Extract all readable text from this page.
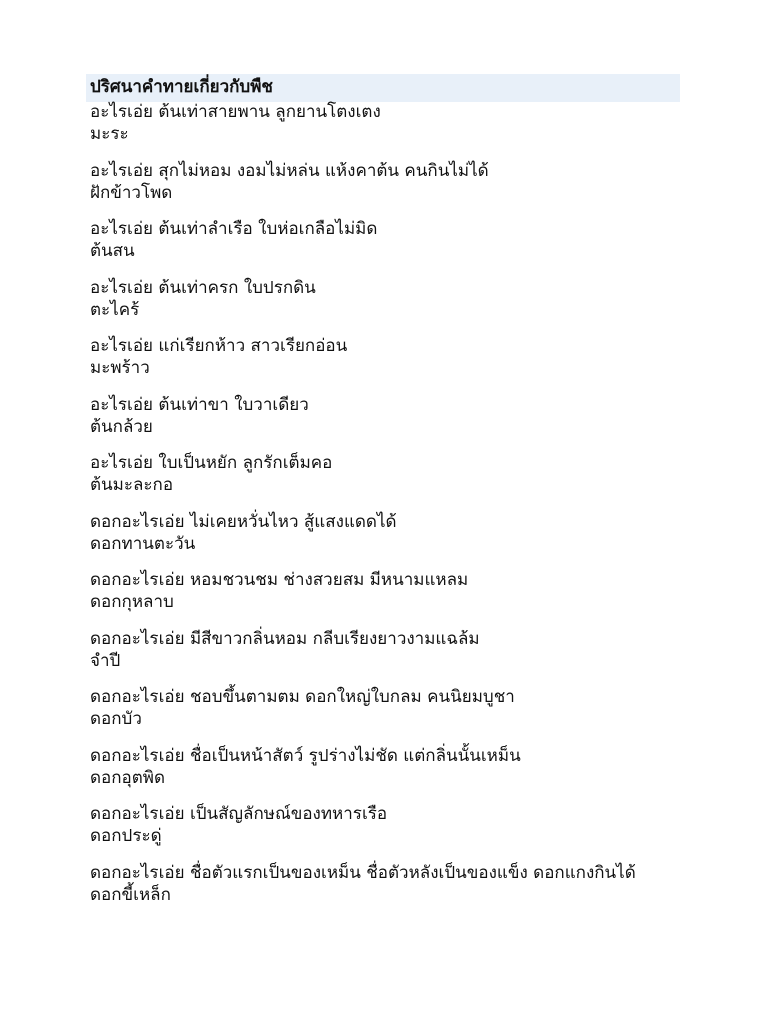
ปริศนาคำทายเกี่ยวกับพืช
อะไรเอ่ย ต้นเท่าสายพาน ลูกยานโตงเตง
มะระ
อะไรเอ่ย สุกไม่หอม งอมไม่หล่น แห้งคาต้น คนกินไม่ได้
ฝักข้าวโพด
อะไรเอ่ย ต้นเท่าลำเรือ ใบห่อเกลือไม่มิด
ต้นสน
อะไรเอ่ย ต้นเท่าครก ใบปรกดิน
ตะไคร้
อะไรเอ่ย แก่เรียกห้าว สาวเรียกอ่อน
มะพร้าว
อะไรเอ่ย ต้นเท่าขา ใบวาเดียว
ต้นกล้วย
อะไรเอ่ย ใบเป็นหยัก ลูกรักเต็มคอ
ต้นมะละกอ
ดอกอะไรเอ่ย ไม่เคยหวั่นไหว สู้แสงแดดได้
ดอกทานตะวัน
ดอกอะไรเอ่ย หอมชวนชม ช่างสวยสม มีหนามแหลม
ดอกกุหลาบ
ดอกอะไรเอ่ย มีสีขาวกลิ่นหอม กลีบเรียงยาวงามแฉล้ม
จำปี
ดอกอะไรเอ่ย ชอบขึ้นตามตม ดอกใหญ่ใบกลม คนนิยมบูชา
ดอกบัว
ดอกอะไรเอ่ย ชื่อเป็นหน้าสัตว์ รูปร่างไม่ชัด แต่กลิ่นนั้นเหม็น
ดอกอุตพิด
ดอกอะไรเอ่ย เป็นสัญลักษณ์ของทหารเรือ
ดอกประดู่
ดอกอะไรเอ่ย ชื่อตัวแรกเป็นของเหม็น ชื่อตัวหลังเป็นของแข็ง ดอกแกงกินได้
ดอกขี้เหล็ก
